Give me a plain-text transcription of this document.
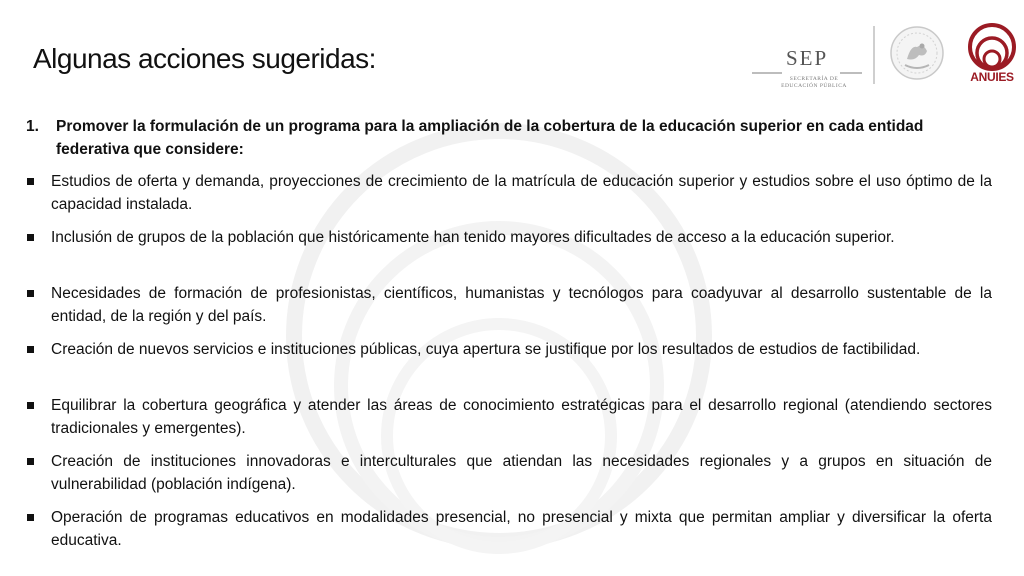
Algunas acciones sugeridas:	SEP
SECRETARÍA DE
EDUCACIÓN PÚBLICA
ANUIES

1.	Promover la formulación de un programa para la ampliación de la cobertura de la educación superior en cada entidad federativa que considere:

Estudios de oferta y demanda, proyecciones de crecimiento de la matrícula de educación superior y estudios sobre el uso óptimo de la capacidad instalada.
Inclusión de grupos de la población que históricamente han tenido mayores dificultades de acceso a la educación superior.
Necesidades de formación de profesionistas, científicos, humanistas y tecnólogos para coadyuvar al desarrollo sustentable de la entidad, de la región y del país.
Creación de nuevos servicios e instituciones públicas, cuya apertura se justifique por los resultados de estudios de factibilidad.
Equilibrar la cobertura geográfica y atender las áreas de conocimiento estratégicas para el desarrollo regional (atendiendo sectores tradicionales y emergentes).
Creación de instituciones innovadoras e interculturales que atiendan las necesidades regionales y a grupos en situación de vulnerabilidad (población indígena).
Operación de programas educativos en modalidades presencial, no presencial y mixta que permitan ampliar y diversificar la oferta educativa.
